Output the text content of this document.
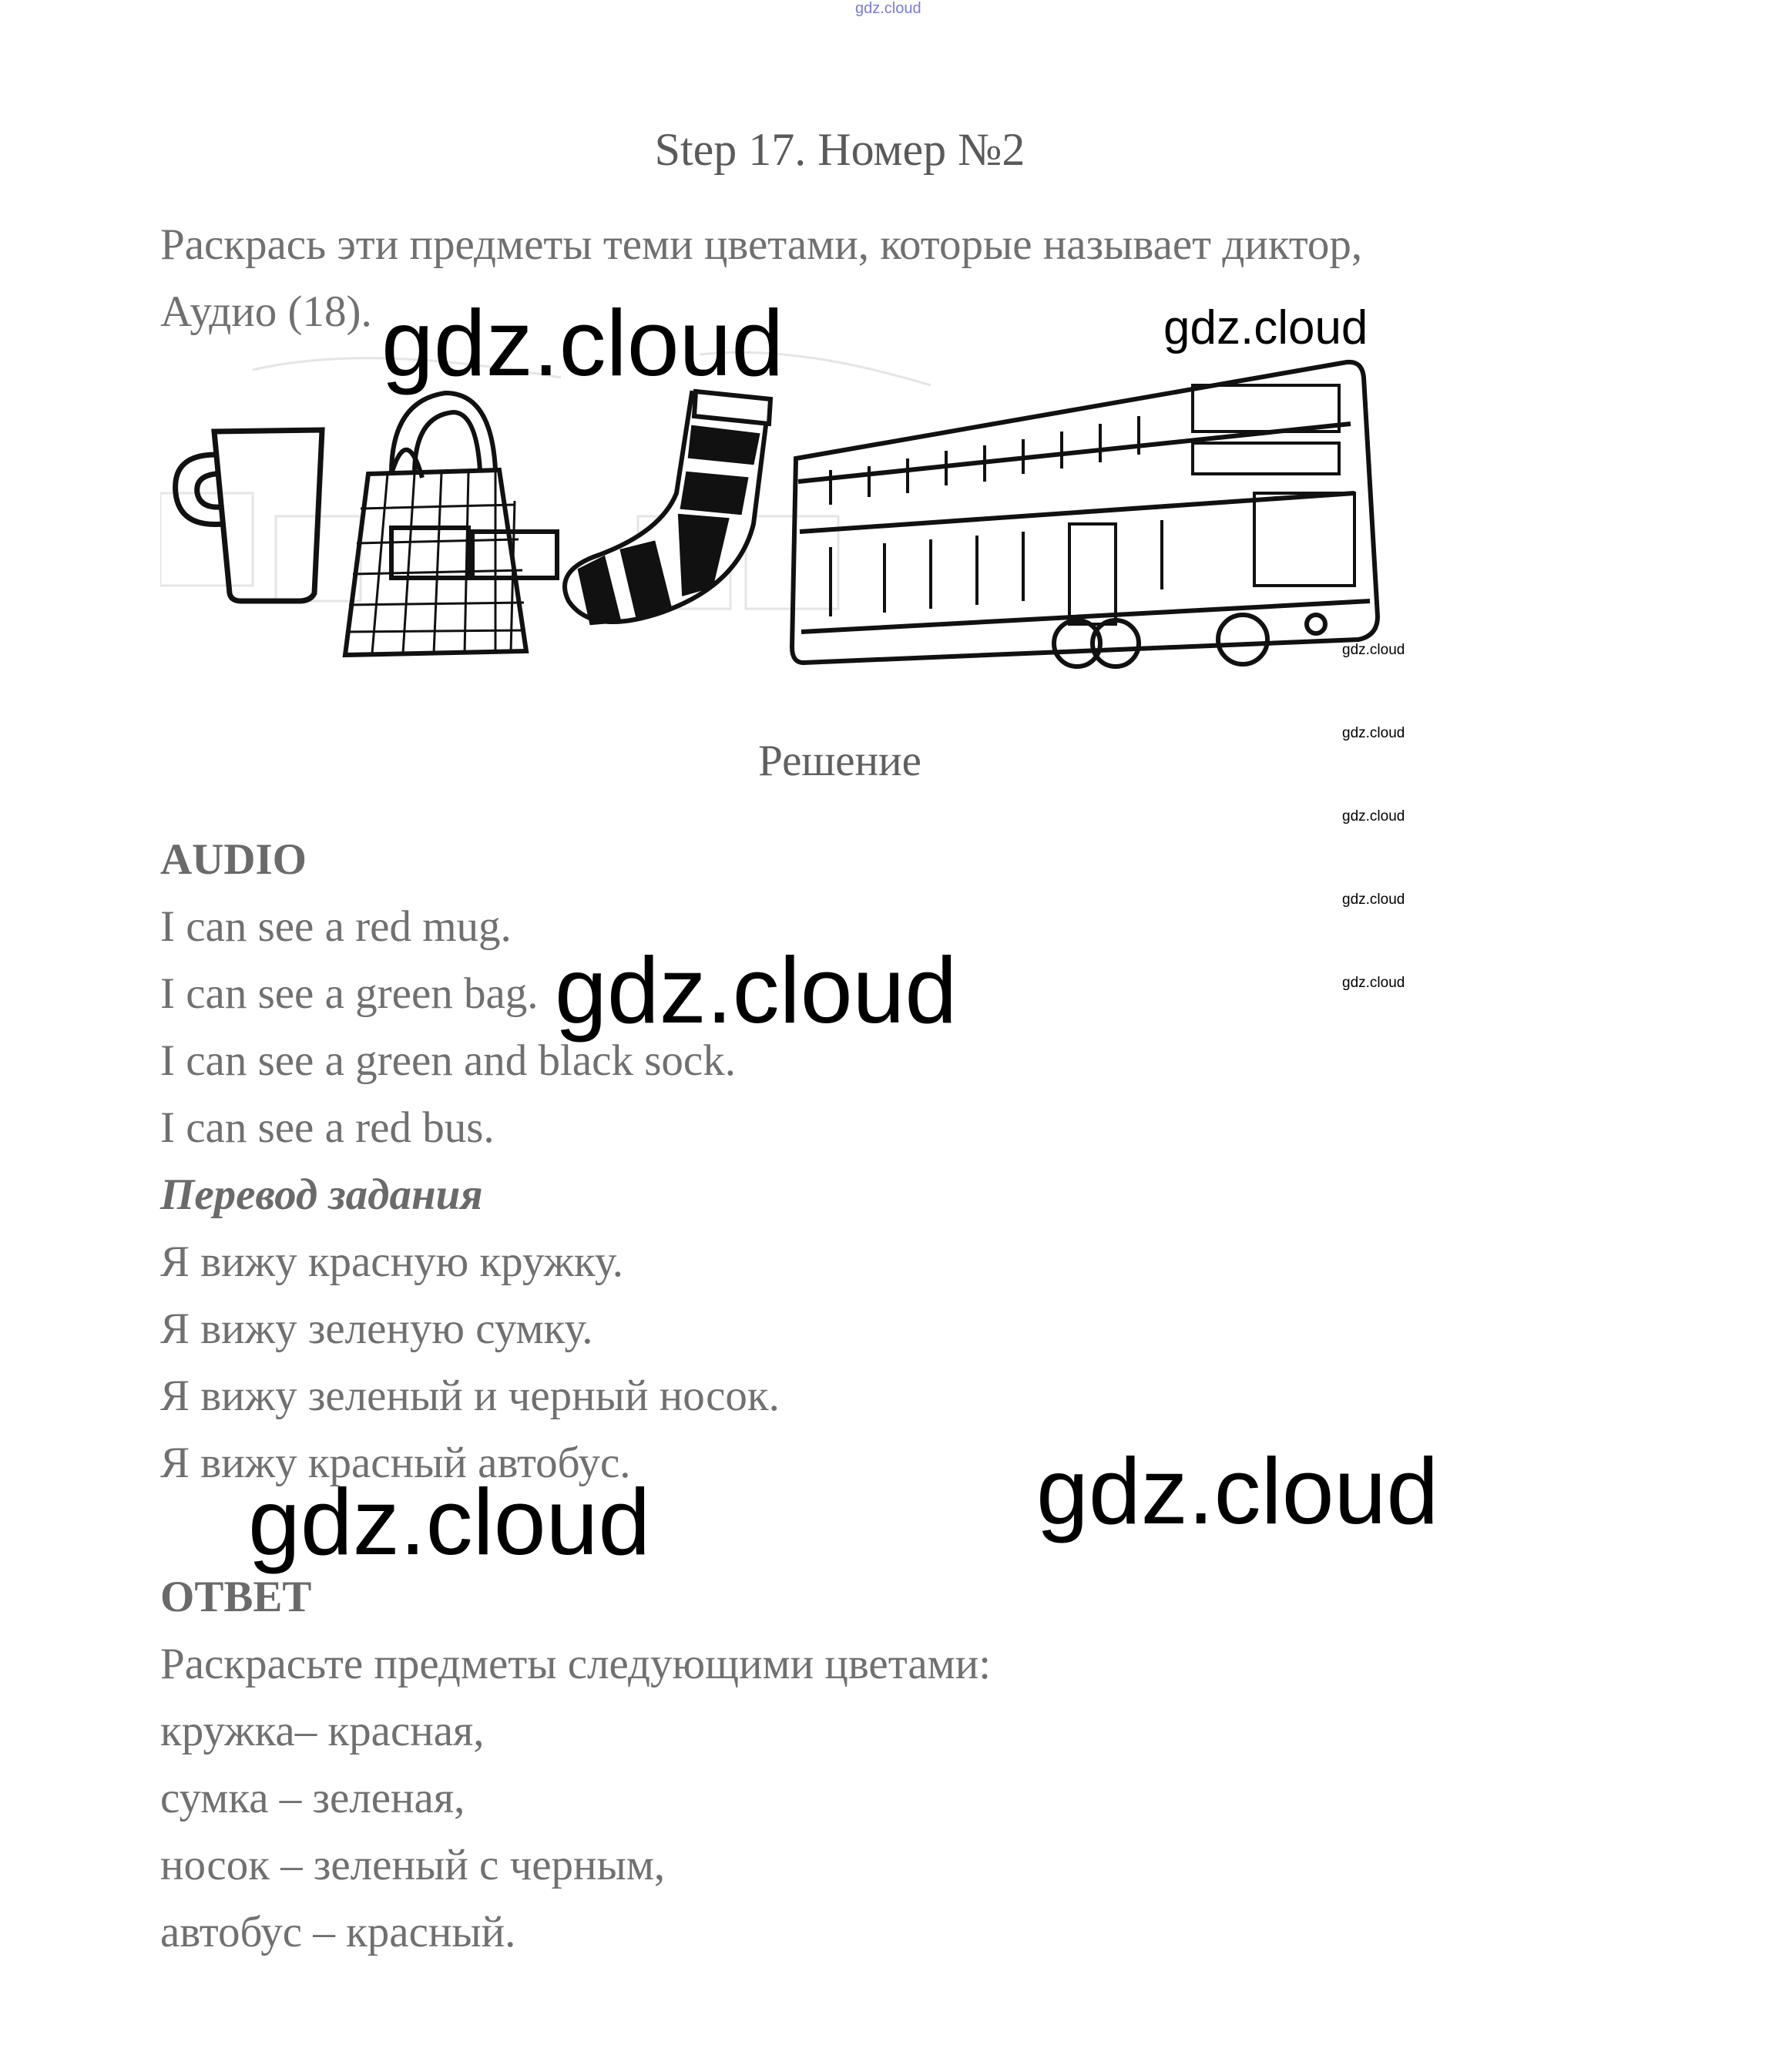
gdz.cloud
Step 17. Номер №2
Раскрась эти предметы теми цветами, которые называет диктор,
Аудио (18). gdz.cloud	gdz.cloud
gdz.cloud
gdz.cloud
gdz.cloud
gdz.cloud
gdz.cloud
Решение
AUDIO
I can see a red mug.
I can see a green bag.
I can see a green and black sock.
I can see a red bus.
gdz.cloud
Перевод задания
Я вижу красную кружку.
Я вижу зеленую сумку.
Я вижу зеленый и черный носок.
Я вижу красный автобус.
gdz.cloud	gdz.cloud
ОТВЕТ
Раскрасьте предметы следующими цветами:
кружка– красная,
сумка – зеленая,
носок – зеленый с черным,
автобус – красный.
